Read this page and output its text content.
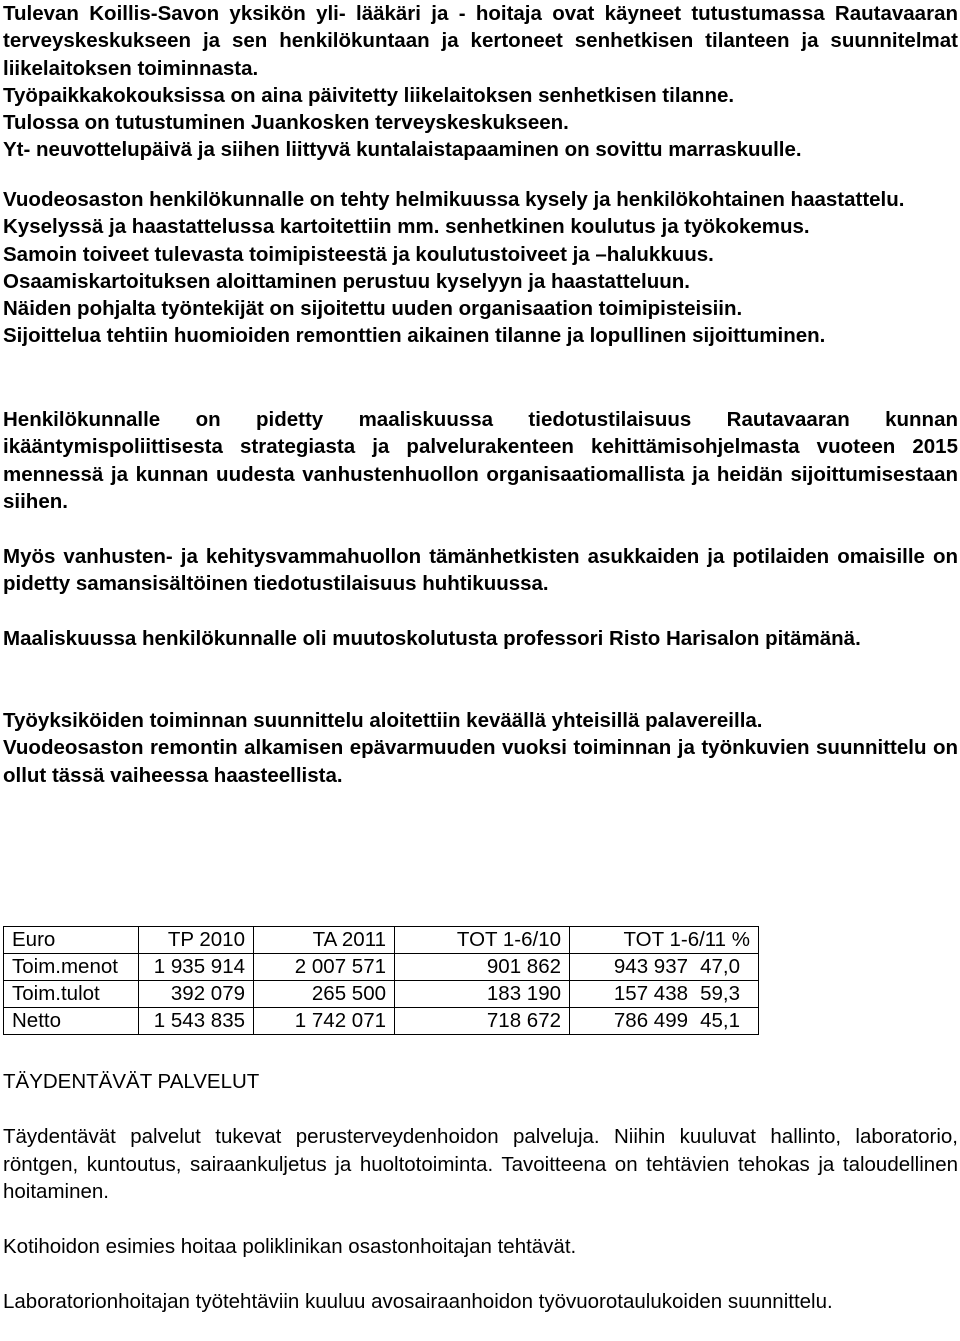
Tulevan Koillis-Savon yksikön yli- lääkäri ja - hoitaja ovat käyneet tutustumassa Rautavaaran terveyskeskukseen ja sen henkilökuntaan ja kertoneet senhetkisen tilanteen ja suunnitelmat liikelaitoksen toiminnasta.

Työpaikkakokouksissa on aina päivitetty liikelaitoksen senhetkisen tilanne.
Tulossa on tutustuminen Juankosken terveyskeskukseen.
Yt- neuvottelupäivä ja siihen liittyvä kuntalaistapaaminen on sovittu marraskuulle.

Vuodeosaston henkilökunnalle on tehty helmikuussa kysely ja henkilökohtainen haastattelu.

Kyselyssä ja haastattelussa kartoitettiin mm. senhetkinen koulutus ja työkokemus.
Samoin toiveet tulevasta toimipisteestä ja koulutustoiveet ja –halukkuus.
Osaamiskartoituksen aloittaminen perustuu kyselyyn ja haastatteluun.
Näiden pohjalta työntekijät on sijoitettu uuden organisaation toimipisteisiin.
Sijoittelua tehtiin huomioiden remonttien aikainen tilanne ja lopullinen sijoittuminen.
Henkilökunnalle on pidetty maaliskuussa tiedotustilaisuus Rautavaaran kunnan ikääntymispoliittisesta strategiasta ja palvelurakenteen kehittämisohjelmasta vuoteen 2015 mennessä ja kunnan uudesta vanhustenhuollon organisaatiomallista ja heidän sijoittumisestaan siihen.
Myös vanhusten- ja kehitysvammahuollon tämänhetkisten asukkaiden ja potilaiden omaisille on pidetty samansisältöinen tiedotustilaisuus huhtikuussa.
Maaliskuussa henkilökunnalle oli muutoskolutusta professori Risto Harisalon pitämänä.
Työyksiköiden toiminnan suunnittelu aloitettiin keväällä yhteisillä palavereilla.

Vuodeosaston remontin alkamisen epävarmuuden vuoksi toiminnan ja työnkuvien suunnittelu on ollut tässä vaiheessa haasteellista.

Euro	TP 2010	TA 2011	TOT 1-6/10	TOT 1-6/11 %
Toim.menot	1 935 914	2 007 571	901 862	943 937 47,0
Toim.tulot	392 079	265 500	183 190	157 438 59,3
Netto	1 543 835	1 742 071	718 672	786 499 45,1
TÄYDENTÄVÄT PALVELUT
Täydentävät palvelut tukevat perusterveydenhoidon palveluja. Niihin kuuluvat hallinto, laboratorio, röntgen, kuntoutus, sairaankuljetus ja huoltotoiminta. Tavoitteena on tehtävien tehokas ja taloudellinen hoitaminen.
Kotihoidon esimies hoitaa poliklinikan osastonhoitajan tehtävät.
Laboratorionhoitajan työtehtäviin kuuluu avosairaanhoidon työvuorotaulukoiden suunnittelu.
